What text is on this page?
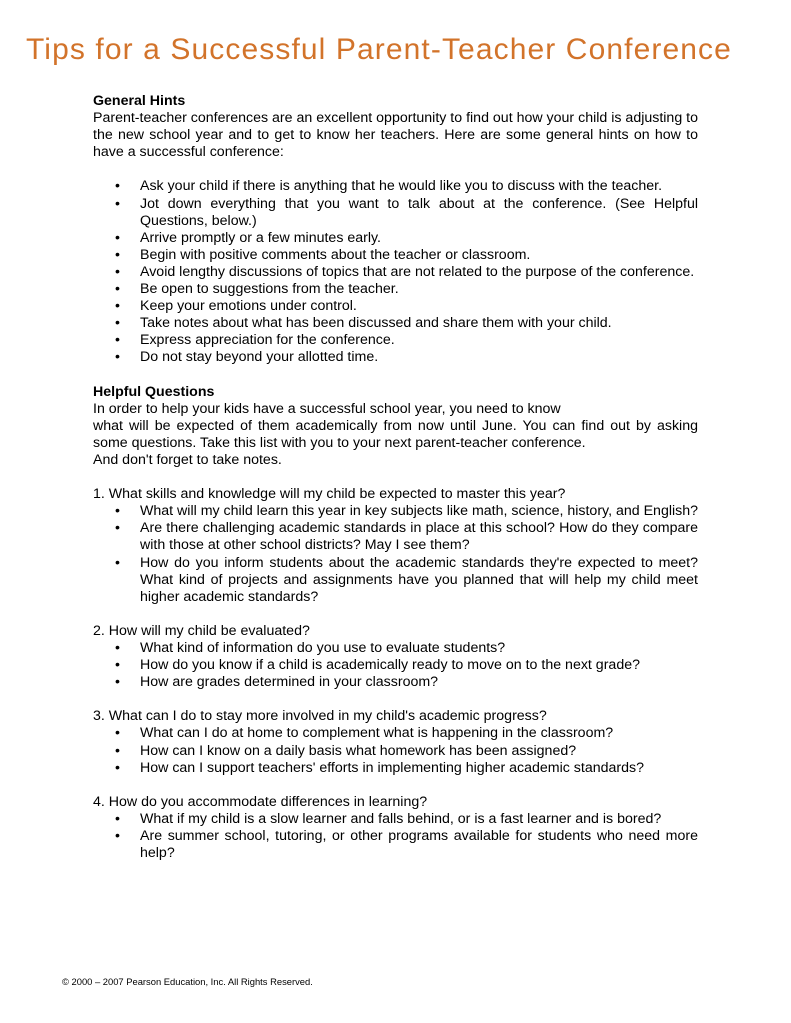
Tips for a Successful Parent-Teacher Conference

General Hints

Parent-teacher conferences are an excellent opportunity to find out how your child is adjusting to the new school year and to get to know her teachers. Here are some general hints on how to have a successful conference:

• Ask your child if there is anything that he would like you to discuss with the teacher.
• Jot down everything that you want to talk about at the conference. (See Helpful Questions, below.)
• Arrive promptly or a few minutes early.
• Begin with positive comments about the teacher or classroom.
• Avoid lengthy discussions of topics that are not related to the purpose of the conference.
• Be open to suggestions from the teacher.
• Keep your emotions under control.
• Take notes about what has been discussed and share them with your child.
• Express appreciation for the conference.
• Do not stay beyond your allotted time.

Helpful Questions

In order to help your kids have a successful school year, you need to know

what will be expected of them academically from now until June. You can find out by asking some questions. Take this list with you to your next parent-teacher conference.

And don't forget to take notes.

1. What skills and knowledge will my child be expected to master this year?

• What will my child learn this year in key subjects like math, science, history, and English?
• Are there challenging academic standards in place at this school? How do they compare with those at other school districts? May I see them?
• How do you inform students about the academic standards they're expected to meet? What kind of projects and assignments have you planned that will help my child meet higher academic standards?

2. How will my child be evaluated?

• What kind of information do you use to evaluate students?
• How do you know if a child is academically ready to move on to the next grade?
• How are grades determined in your classroom?

3. What can I do to stay more involved in my child's academic progress?

• What can I do at home to complement what is happening in the classroom?
• How can I know on a daily basis what homework has been assigned?
• How can I support teachers' efforts in implementing higher academic standards?

4. How do you accommodate differences in learning?

• What if my child is a slow learner and falls behind, or is a fast learner and is bored?
• Are summer school, tutoring, or other programs available for students who need more help?

© 2000 – 2007 Pearson Education, Inc. All Rights Reserved.
